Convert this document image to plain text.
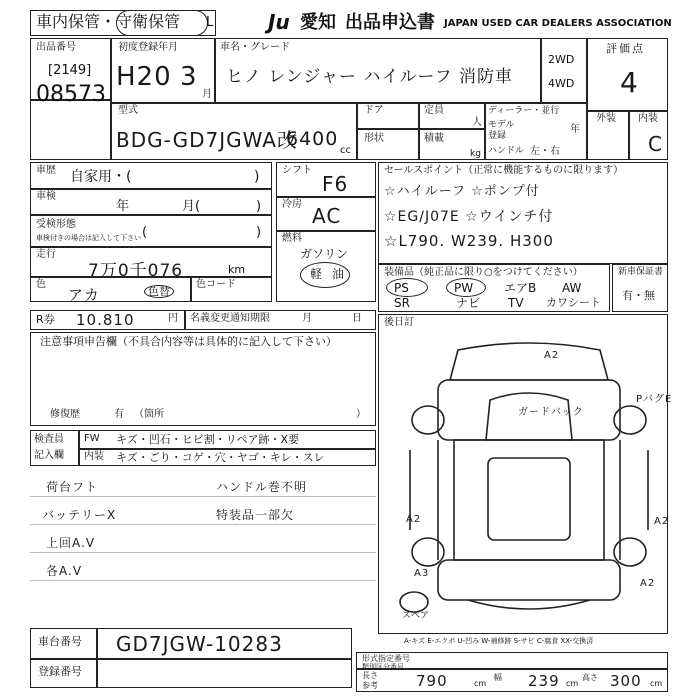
車内保管・守衛保管 L	Ju 愛知 出品申込書 JAPAN USED CAR DEALERS ASSOCIATION
出品番号
[2149]
08573
初度登録年月
H20 3
月
車名・グレード
ヒノ レンジャー ハイルーフ 消防車
2WD
4WD
評価点
4
外装 内装
C
型式
BDG-GD7JGWA改
6400
cc
ドア	定員
人
形状	積載
kg
ディーラー・並行
モデル	年
登録
ハンドル 左・右
車歴 自家用・(	)
車検
年	月(	)
受検形態
車検付きの場合は記入して下さい (	)
走行
7万0千076	km
色
アカ	色替
色コード
シフト
F6
冷房 AC
燃料
ガソリン
軽 油
セールスポイント（正常に機能するものに限ります）
☆ハイルーフ ☆ポンプ付
☆EG/J07E ☆ウインチ付
☆L790. W239. H300
装備品（純正品に限り○をつけてください）
PS	PW	エアB AW
SR	ナビ TV カワシート
新車保証書
有・無
R券 10.810	円 名義変更通知期限	月	日
注意事項申告欄（不具合内容等は具体的に記入して下さい）
修復歴	有 （箇所	）
検査員
記入欄
FW キズ・凹石・ヒビ割・リペア跡・X要
内装 キズ・ごり・コゲ・穴・ヤゴ・キレ・スレ
荷台フト
バッテリーX
上回A.V
各A.V
ハンドル巻不明
特装品一部欠
後日訂
A2
ガードバック
PバグE
A2	A2
A3
A2
スペア
A-キズ E-エクボ U-凹み W-補修跡 S-サビ C-腐食 XX-交換済
車台番号 GD7JGW-10283
登録番号
形式指定番号
類別区分番号
長さ
参考	790	cm
幅 239 cm
高さ 300 cm
